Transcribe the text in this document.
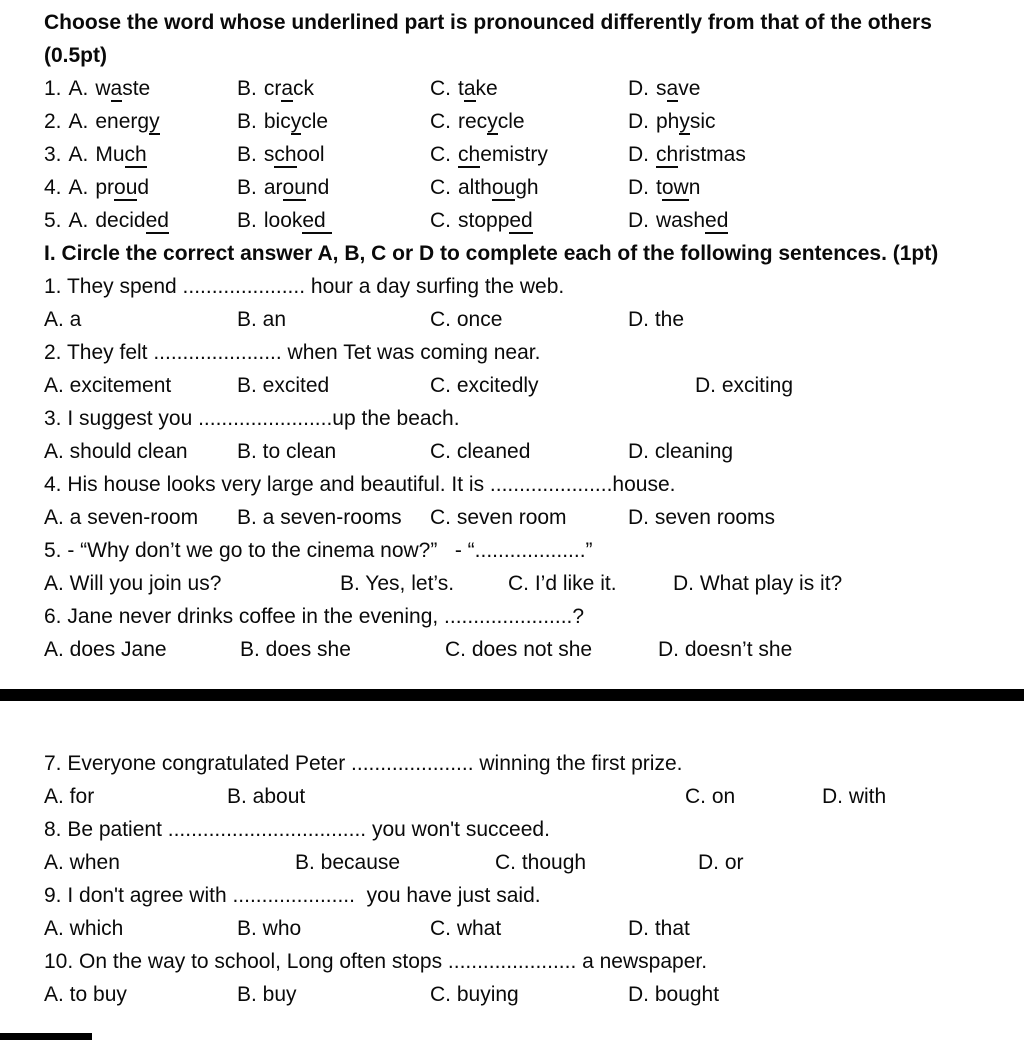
Choose the word whose underlined part is pronounced differently from that of the others (0.5pt)
1. A. waste	B. crack	C. take	D. save
2. A. energy	B. bicycle	C. recycle	D. physic
3. A. Much	B. school	C. chemistry	D. christmas
4. A. proud	B. around	C. although	D. town
5. A. decided	B. looked	C. stopped	D. washed
I. Circle the correct answer A, B, C or D to complete each of the following sentences. (1pt)
1. They spend ..................... hour a day surfing the web.
A. a	B. an	C. once	D. the
2. They felt ...................... when Tet was coming near.
A. excitement	B. excited	C. excitedly	D. exciting
3. I suggest you .......................up the beach.
A. should clean	B. to clean	C. cleaned	D. cleaning
4. His house looks very large and beautiful. It is .....................house.
A. a seven-room	B. a seven-rooms	C. seven room	D. seven rooms
5. - “Why don’t we go to the cinema now?”   - “...................”
A. Will you join us?	B. Yes, let’s.	C. I’d like it.	D. What play is it?
6. Jane never drinks coffee in the evening, ......................?
A. does Jane	B. does she	C. does not she	D. doesn’t she
7. Everyone congratulated Peter ..................... winning the first prize.
A. for	B. about	C. on	D. with
8. Be patient .................................. you won't succeed.
A. when	B. because	C. though	D. or
9. I don't agree with .....................  you have just said.
A. which	B. who	C. what	D. that
10. On the way to school, Long often stops ...................... a newspaper.
A. to buy	B. buy	C. buying	D. bought
